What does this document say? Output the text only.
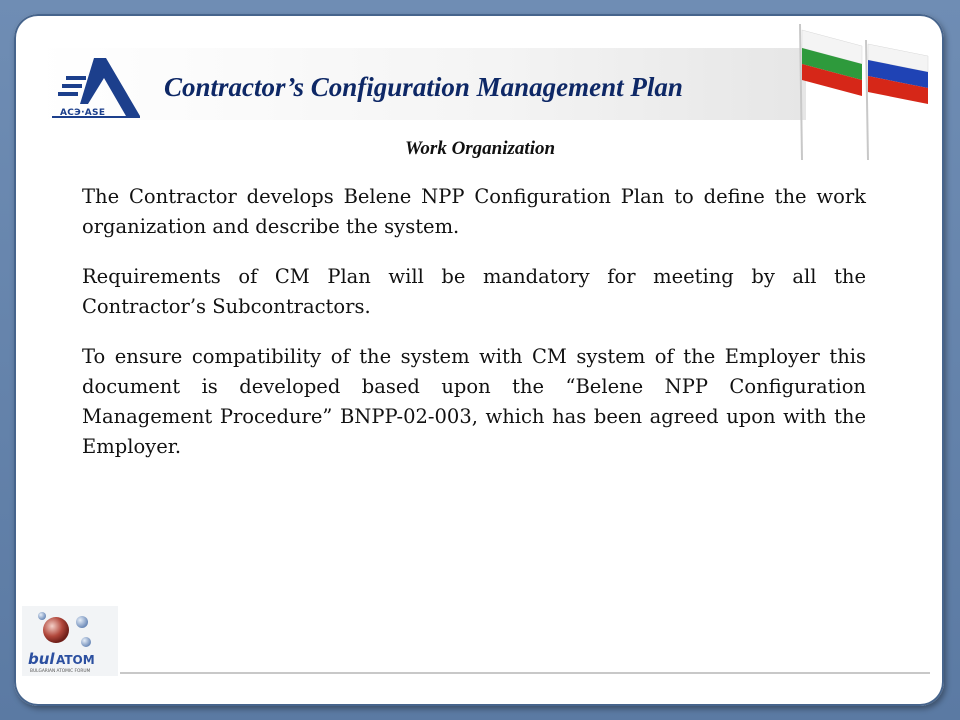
АСЭ·ASE
Contractor’s Configuration Management Plan
Work Organization

The Contractor develops Belene NPP Configuration Plan to define the work organization and describe the system.

Requirements of CM Plan will be mandatory for meeting by all the Contractor’s Subcontractors.

To ensure compatibility of the system with CM system of the Employer this document is developed based upon the “Belene NPP Configuration Management Procedure” BNPP-02-003, which has been agreed upon with the Employer.

bul ATOM
BULGARIAN ATOMIC FORUM
